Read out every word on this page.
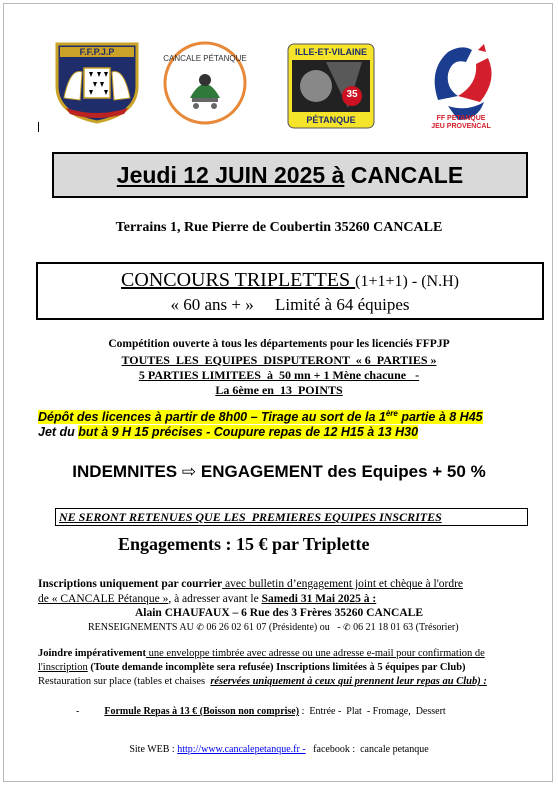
F.F.P.J.P
CANCALE PÉTANQUE
ILLE-ET-VILAINE
35
PÉTANQUE	FF PETANQUE
JEU PROVENCAL
Jeudi 12 JUIN 2025 à CANCALE
Terrains 1, Rue Pierre de Coubertin 35260 CANCALE
CONCOURS TRIPLETTES (1+1+1) - (N.H)
« 60 ans + »     Limité à 64 équipes
Compétition ouverte à tous les départements pour les licenciés FFPJP
TOUTES  LES  EQUIPES  DISPUTERONT  « 6  PARTIES »
5 PARTIES LIMITEES  à  50 mn + 1 Mène chacune   -
La 6ème en  13  POINTS
Dépôt des licences à partir de 8h00 – Tirage au sort de la 1ère partie à 8 H45
Jet du but à 9 H 15 précises - Coupure repas de 12 H15 à 13 H30
INDEMNITES ⇨ ENGAGEMENT des Equipes + 50 %
NE SERONT RETENUES QUE LES  PREMIERES EQUIPES INSCRITES
Engagements : 15 € par Triplette
Inscriptions uniquement par courrier avec bulletin d’engagement joint et chèque à l'ordre
de « CANCALE Pétanque », à adresser avant le Samedi 31 Mai 2025 à :
Alain CHAUFAUX – 6 Rue des 3 Frères 35260 CANCALE
RENSEIGNEMENTS AU ✆ 06 26 02 61 07 (Présidente) ou   - ✆ 06 21 18 01 63 (Trésorier)
Joindre impérativement une enveloppe timbrée avec adresse ou une adresse e-mail pour confirmation de
l'inscription (Toute demande incomplète sera refusée) Inscriptions limitées à 5 équipes par Club)
Restauration sur place (tables et chaises  réservées uniquement à ceux qui prennent leur repas au Club) :
-	Formule Repas à 13 € (Boisson non comprise) :  Entrée -  Plat  - Fromage,  Dessert
Site WEB : http://www.cancalepetanque.fr -   facebook :  cancale petanque
